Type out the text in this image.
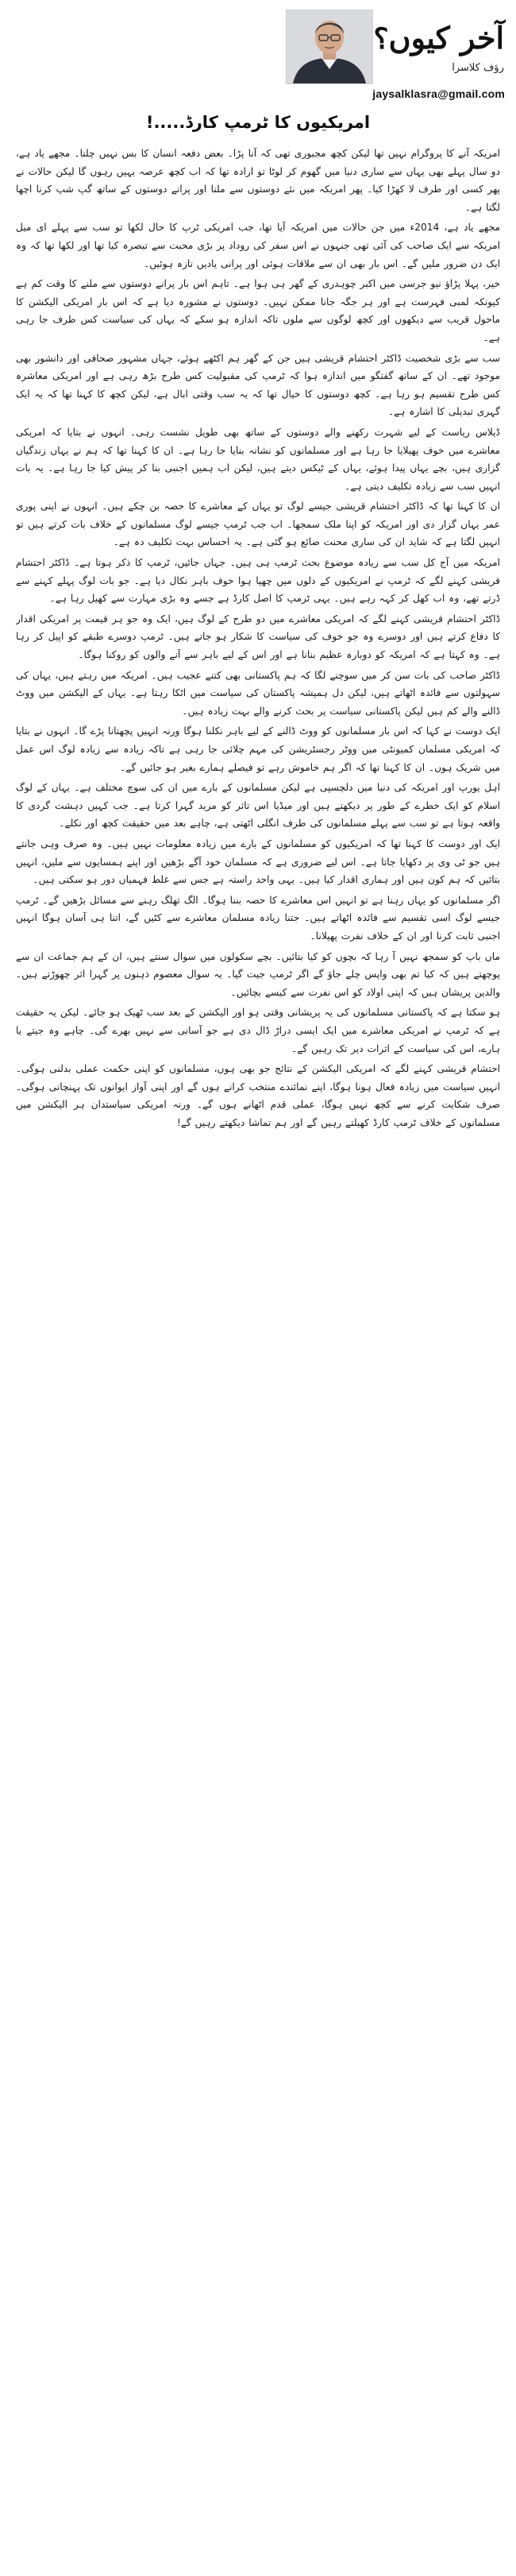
آخر کیوں؟
رؤف کلاسرا
jaysalklasra@gmail.com
امریکیوں کا ٹرمپ کارڈ.....!

امریکہ آنے کا پروگرام نہیں تھا لیکن کچھ مجبوری تھی کہ آنا پڑا۔ بعض دفعہ انسان کا بس نہیں چلتا۔ مجھے یاد ہے، دو سال پہلے بھی یہاں سے ساری دنیا میں گھوم کر لوٹا تو ارادہ تھا کہ اب کچھ عرصہ یہیں رہوں گا لیکن حالات نے پھر کسی اور طرف لا کھڑا کیا۔ پھر امریکہ میں نئے دوستوں سے ملنا اور پرانے دوستوں کے ساتھ گپ شپ کرنا اچھا لگتا ہے۔

مجھے یاد ہے، 2014ء میں جن حالات میں امریکہ آیا تھا، جب امریکی ٹرپ کا حال لکھا تو سب سے پہلے ای میل امریکہ سے ایک صاحب کی آئی تھی جنہوں نے اس سفر کی روداد پر بڑی محبت سے تبصرہ کیا تھا اور لکھا تھا کہ وہ ایک دن ضرور ملیں گے۔ اس بار بھی ان سے ملاقات ہوئی اور پرانی یادیں تازہ ہوئیں۔

خیر، پہلا پڑاؤ نیو جرسی میں اکبر چوہدری کے گھر ہی ہوا ہے۔ تاہم اس بار پرانے دوستوں سے ملنے کا وقت کم ہے کیونکہ لمبی فہرست ہے اور ہر جگہ جانا ممکن نہیں۔ دوستوں نے مشورہ دیا ہے کہ اس بار امریکی الیکشن کا ماحول قریب سے دیکھوں اور کچھ لوگوں سے ملوں تاکہ اندازہ ہو سکے کہ یہاں کی سیاست کس طرف جا رہی ہے۔

سب سے بڑی شخصیت ڈاکٹر احتشام قریشی ہیں جن کے گھر ہم اکٹھے ہوئے، جہاں مشہور صحافی اور دانشور بھی موجود تھے۔ ان کے ساتھ گفتگو میں اندازہ ہوا کہ ٹرمپ کی مقبولیت کس طرح بڑھ رہی ہے اور امریکی معاشرہ کس طرح تقسیم ہو رہا ہے۔ کچھ دوستوں کا خیال تھا کہ یہ سب وقتی ابال ہے، لیکن کچھ کا کہنا تھا کہ یہ ایک گہری تبدیلی کا اشارہ ہے۔

ڈیلاس ریاست کے لیے شہرت رکھنے والے دوستوں کے ساتھ بھی طویل نشست رہی۔ انہوں نے بتایا کہ امریکی معاشرے میں خوف پھیلایا جا رہا ہے اور مسلمانوں کو نشانہ بنایا جا رہا ہے۔ ان کا کہنا تھا کہ ہم نے یہاں زندگیاں گزاری ہیں، بچے یہاں پیدا ہوئے، یہاں کے ٹیکس دیتے ہیں، لیکن اب ہمیں اجنبی بنا کر پیش کیا جا رہا ہے۔ یہ بات انہیں سب سے زیادہ تکلیف دیتی ہے۔

ان کا کہنا تھا کہ ڈاکٹر احتشام قریشی جیسے لوگ تو یہاں کے معاشرے کا حصہ بن چکے ہیں۔ انہوں نے اپنی پوری عمر یہاں گزار دی اور امریکہ کو اپنا ملک سمجھا۔ اب جب ٹرمپ جیسے لوگ مسلمانوں کے خلاف بات کرتے ہیں تو انہیں لگتا ہے کہ شاید ان کی ساری محنت ضائع ہو گئی ہے۔ یہ احساس بہت تکلیف دہ ہے۔

امریکہ میں آج کل سب سے زیادہ موضوع بحث ٹرمپ ہی ہیں۔ جہاں جائیں، ٹرمپ کا ذکر ہوتا ہے۔ ڈاکٹر احتشام قریشی کہنے لگے کہ ٹرمپ نے امریکیوں کے دلوں میں چھپا ہوا خوف باہر نکال دیا ہے۔ جو بات لوگ پہلے کہنے سے ڈرتے تھے، وہ اب کھل کر کہہ رہے ہیں۔ یہی ٹرمپ کا اصل کارڈ ہے جسے وہ بڑی مہارت سے کھیل رہا ہے۔

ڈاکٹر احتشام قریشی کہنے لگے کہ امریکی معاشرے میں دو طرح کے لوگ ہیں، ایک وہ جو ہر قیمت پر امریکی اقدار کا دفاع کرتے ہیں اور دوسرے وہ جو خوف کی سیاست کا شکار ہو جاتے ہیں۔ ٹرمپ دوسرے طبقے کو اپیل کر رہا ہے۔ وہ کہتا ہے کہ امریکہ کو دوبارہ عظیم بنانا ہے اور اس کے لیے باہر سے آنے والوں کو روکنا ہوگا۔

ڈاکٹر صاحب کی بات سن کر میں سوچنے لگا کہ ہم پاکستانی بھی کتنے عجیب ہیں۔ امریکہ میں رہتے ہیں، یہاں کی سہولتوں سے فائدہ اٹھاتے ہیں، لیکن دل ہمیشہ پاکستان کی سیاست میں اٹکا رہتا ہے۔ یہاں کے الیکشن میں ووٹ ڈالنے والے کم ہیں لیکن پاکستانی سیاست پر بحث کرنے والے بہت زیادہ ہیں۔

ایک دوست نے کہا کہ اس بار مسلمانوں کو ووٹ ڈالنے کے لیے باہر نکلنا ہوگا ورنہ انہیں پچھتانا پڑے گا۔ انہوں نے بتایا کہ امریکی مسلمان کمیونٹی میں ووٹر رجسٹریشن کی مہم چلائی جا رہی ہے تاکہ زیادہ سے زیادہ لوگ اس عمل میں شریک ہوں۔ ان کا کہنا تھا کہ اگر ہم خاموش رہے تو فیصلے ہمارے بغیر ہو جائیں گے۔

اہل یورپ اور امریکہ کی دنیا میں دلچسپی ہے لیکن مسلمانوں کے بارے میں ان کی سوچ مختلف ہے۔ یہاں کے لوگ اسلام کو ایک خطرے کے طور پر دیکھتے ہیں اور میڈیا اس تاثر کو مزید گہرا کرتا ہے۔ جب کہیں دہشت گردی کا واقعہ ہوتا ہے تو سب سے پہلے مسلمانوں کی طرف انگلی اٹھتی ہے، چاہے بعد میں حقیقت کچھ اور نکلے۔

ایک اور دوست کا کہنا تھا کہ امریکیوں کو مسلمانوں کے بارے میں زیادہ معلومات نہیں ہیں۔ وہ صرف وہی جانتے ہیں جو ٹی وی پر دکھایا جاتا ہے۔ اس لیے ضروری ہے کہ مسلمان خود آگے بڑھیں اور اپنے ہمسایوں سے ملیں، انہیں بتائیں کہ ہم کون ہیں اور ہماری اقدار کیا ہیں۔ یہی واحد راستہ ہے جس سے غلط فہمیاں دور ہو سکتی ہیں۔

اگر مسلمانوں کو یہاں رہنا ہے تو انہیں اس معاشرے کا حصہ بننا ہوگا۔ الگ تھلگ رہنے سے مسائل بڑھیں گے۔ ٹرمپ جیسے لوگ اسی تقسیم سے فائدہ اٹھاتے ہیں۔ جتنا زیادہ مسلمان معاشرے سے کٹیں گے، اتنا ہی آسان ہوگا انہیں اجنبی ثابت کرنا اور ان کے خلاف نفرت پھیلانا۔

ماں باپ کو سمجھ نہیں آ رہا کہ بچوں کو کیا بتائیں۔ بچے سکولوں میں سوال سنتے ہیں، ان کے ہم جماعت ان سے پوچھتے ہیں کہ کیا تم بھی واپس چلے جاؤ گے اگر ٹرمپ جیت گیا۔ یہ سوال معصوم ذہنوں پر گہرا اثر چھوڑتے ہیں۔ والدین پریشان ہیں کہ اپنی اولاد کو اس نفرت سے کیسے بچائیں۔

ہو سکتا ہے کہ پاکستانی مسلمانوں کی یہ پریشانی وقتی ہو اور الیکشن کے بعد سب ٹھیک ہو جائے۔ لیکن یہ حقیقت ہے کہ ٹرمپ نے امریکی معاشرے میں ایک ایسی دراڑ ڈال دی ہے جو آسانی سے نہیں بھرے گی۔ چاہے وہ جیتے یا ہارے، اس کی سیاست کے اثرات دیر تک رہیں گے۔

احتشام قریشی کہنے لگے کہ امریکی الیکشن کے نتائج جو بھی ہوں، مسلمانوں کو اپنی حکمت عملی بدلنی ہوگی۔ انہیں سیاست میں زیادہ فعال ہونا ہوگا، اپنے نمائندے منتخب کرانے ہوں گے اور اپنی آواز ایوانوں تک پہنچانی ہوگی۔ صرف شکایت کرنے سے کچھ نہیں ہوگا، عملی قدم اٹھانے ہوں گے۔ ورنہ امریکی سیاستدان ہر الیکشن میں مسلمانوں کے خلاف ٹرمپ کارڈ کھیلتے رہیں گے اور ہم تماشا دیکھتے رہیں گے!
